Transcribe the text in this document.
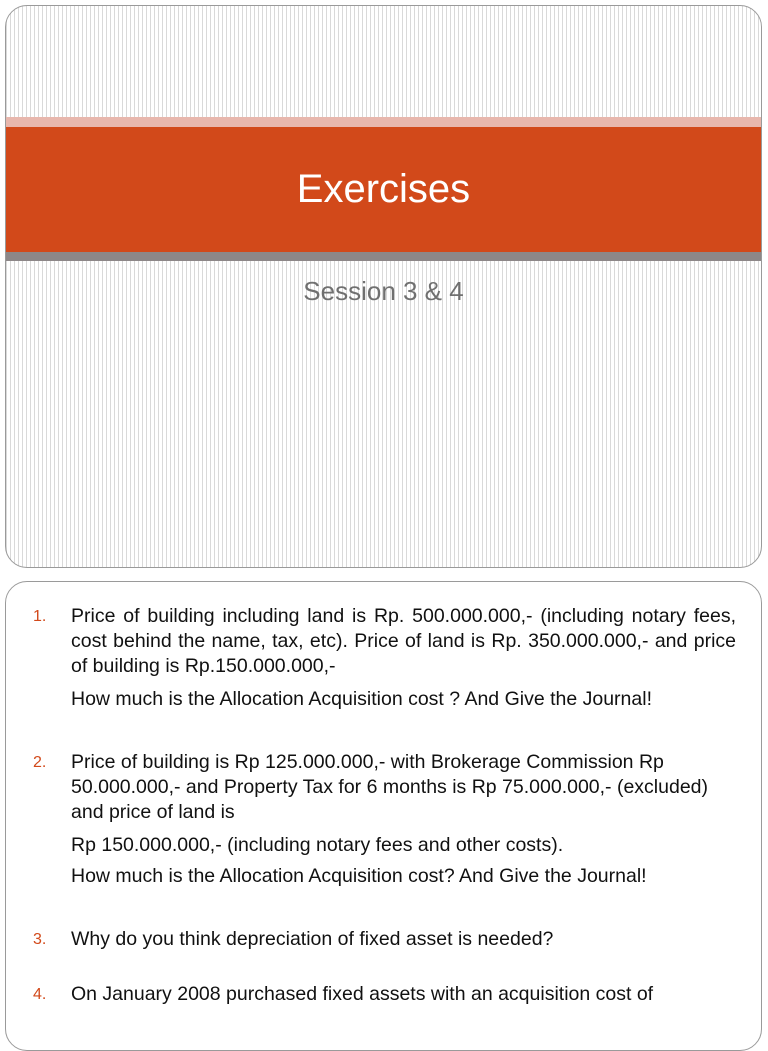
Exercises
Session 3 & 4
1. Price of building including land is Rp. 500.000.000,- (including notary fees, cost behind the name, tax, etc). Price of land is Rp. 350.000.000,- and price of building is Rp.150.000.000,-

How much is the Allocation Acquisition cost ? And Give the Journal!

2. Price of building is Rp 125.000.000,- with Brokerage Commission Rp 50.000.000,- and Property Tax for 6 months is Rp 75.000.000,- (excluded) and price of land is

Rp 150.000.000,- (including notary fees and other costs).

How much is the Allocation Acquisition cost? And Give the Journal!

3. Why do you think depreciation of fixed asset is needed?

4. On January 2008 purchased fixed assets with an acquisition cost of
